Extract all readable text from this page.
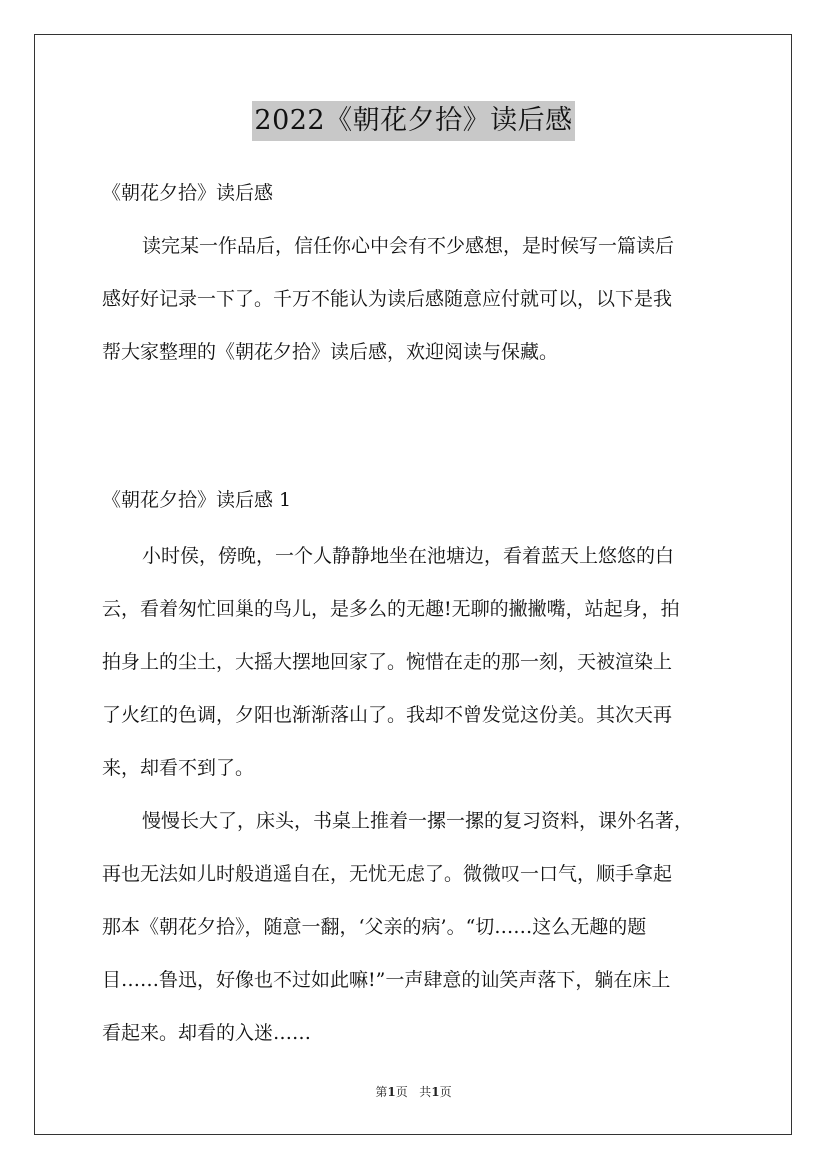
2022《朝花夕拾》读后感
《朝花夕拾》读后感
读完某一作品后，信任你心中会有不少感想，是时候写一篇读后
感好好记录一下了。千万不能认为读后感随意应付就可以，以下是我
帮大家整理的《朝花夕拾》读后感，欢迎阅读与保藏。
《朝花夕拾》读后感 1
小时侯，傍晚，一个人静静地坐在池塘边，看着蓝天上悠悠的白
云，看着匆忙回巢的鸟儿，是多么的无趣!无聊的撇撇嘴，站起身，拍
拍身上的尘土，大摇大摆地回家了。惋惜在走的那一刻，天被渲染上
了火红的色调，夕阳也渐渐落山了。我却不曾发觉这份美。其次天再
来，却看不到了。
慢慢长大了，床头，书桌上推着一摞一摞的复习资料，课外名著，
再也无法如儿时般逍遥自在，无忧无虑了。微微叹一口气，顺手拿起
那本《朝花夕拾》，随意一翻，‘父亲的病’。“切……这么无趣的题
目……鲁迅，好像也不过如此嘛!”一声肆意的讪笑声落下，躺在床上
看起来。却看的入迷……
第1页 共1页
